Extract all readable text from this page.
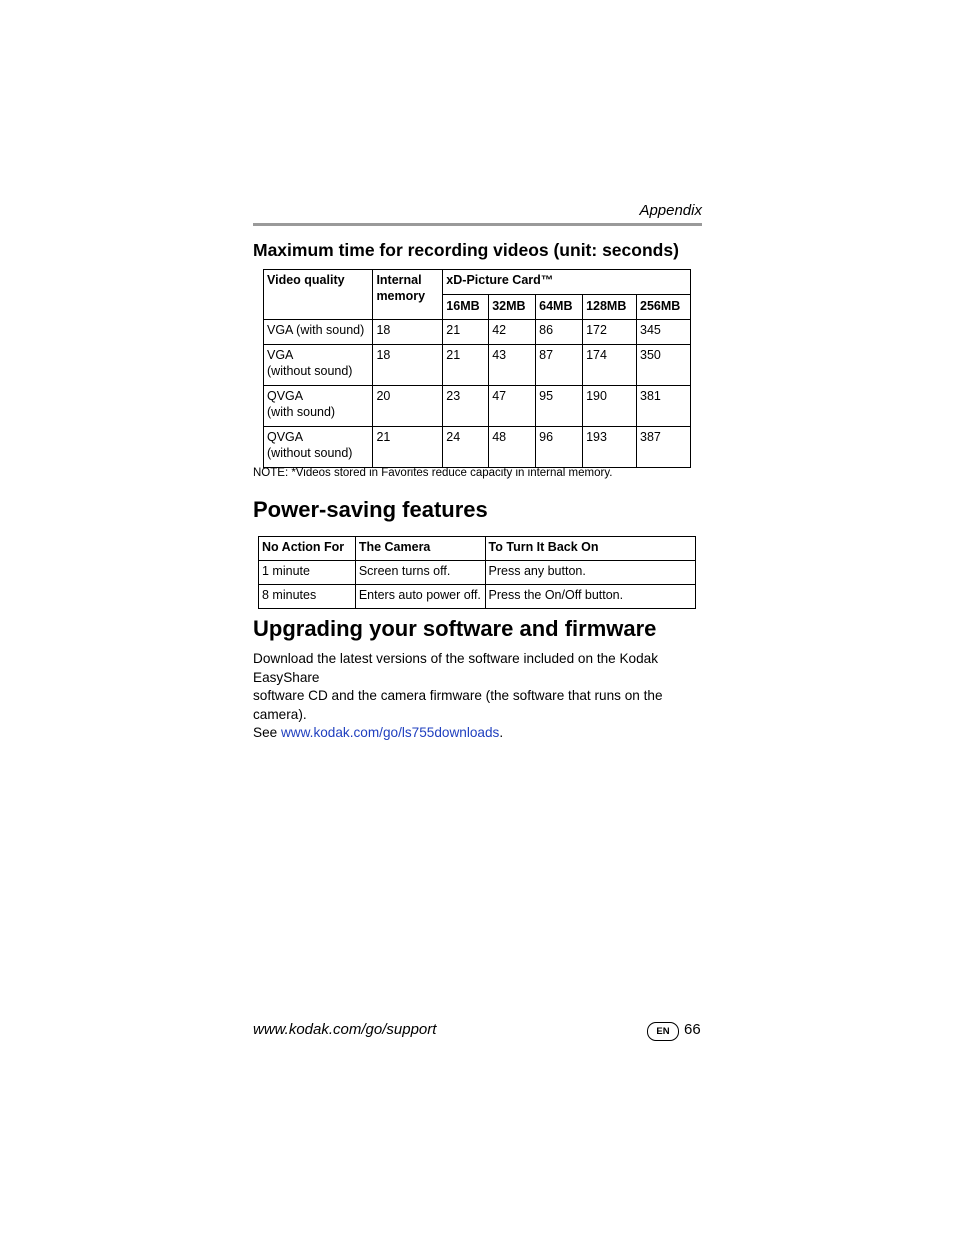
Appendix
Maximum time for recording videos (unit: seconds)
Video quality	Internal memory	xD-Picture Card™				
		16MB	32MB	64MB	128MB	256MB
VGA (with sound)	18	21	42	86	172	345
VGA
(without sound)	18	21	43	87	174	350
QVGA
(with sound)	20	23	47	95	190	381
QVGA
(without sound)	21	24	48	96	193	387
NOTE: *Videos stored in Favorites reduce capacity in internal memory.
Power-saving features
No Action For	The Camera	To Turn It Back On
1 minute	Screen turns off.	Press any button.
8 minutes	Enters auto power off.	Press the On/Off button.
Upgrading your software and firmware
Download the latest versions of the software included on the Kodak EasyShare
software CD and the camera firmware (the software that runs on the camera).
See www.kodak.com/go/ls755downloads.
www.kodak.com/go/support	EN 66
